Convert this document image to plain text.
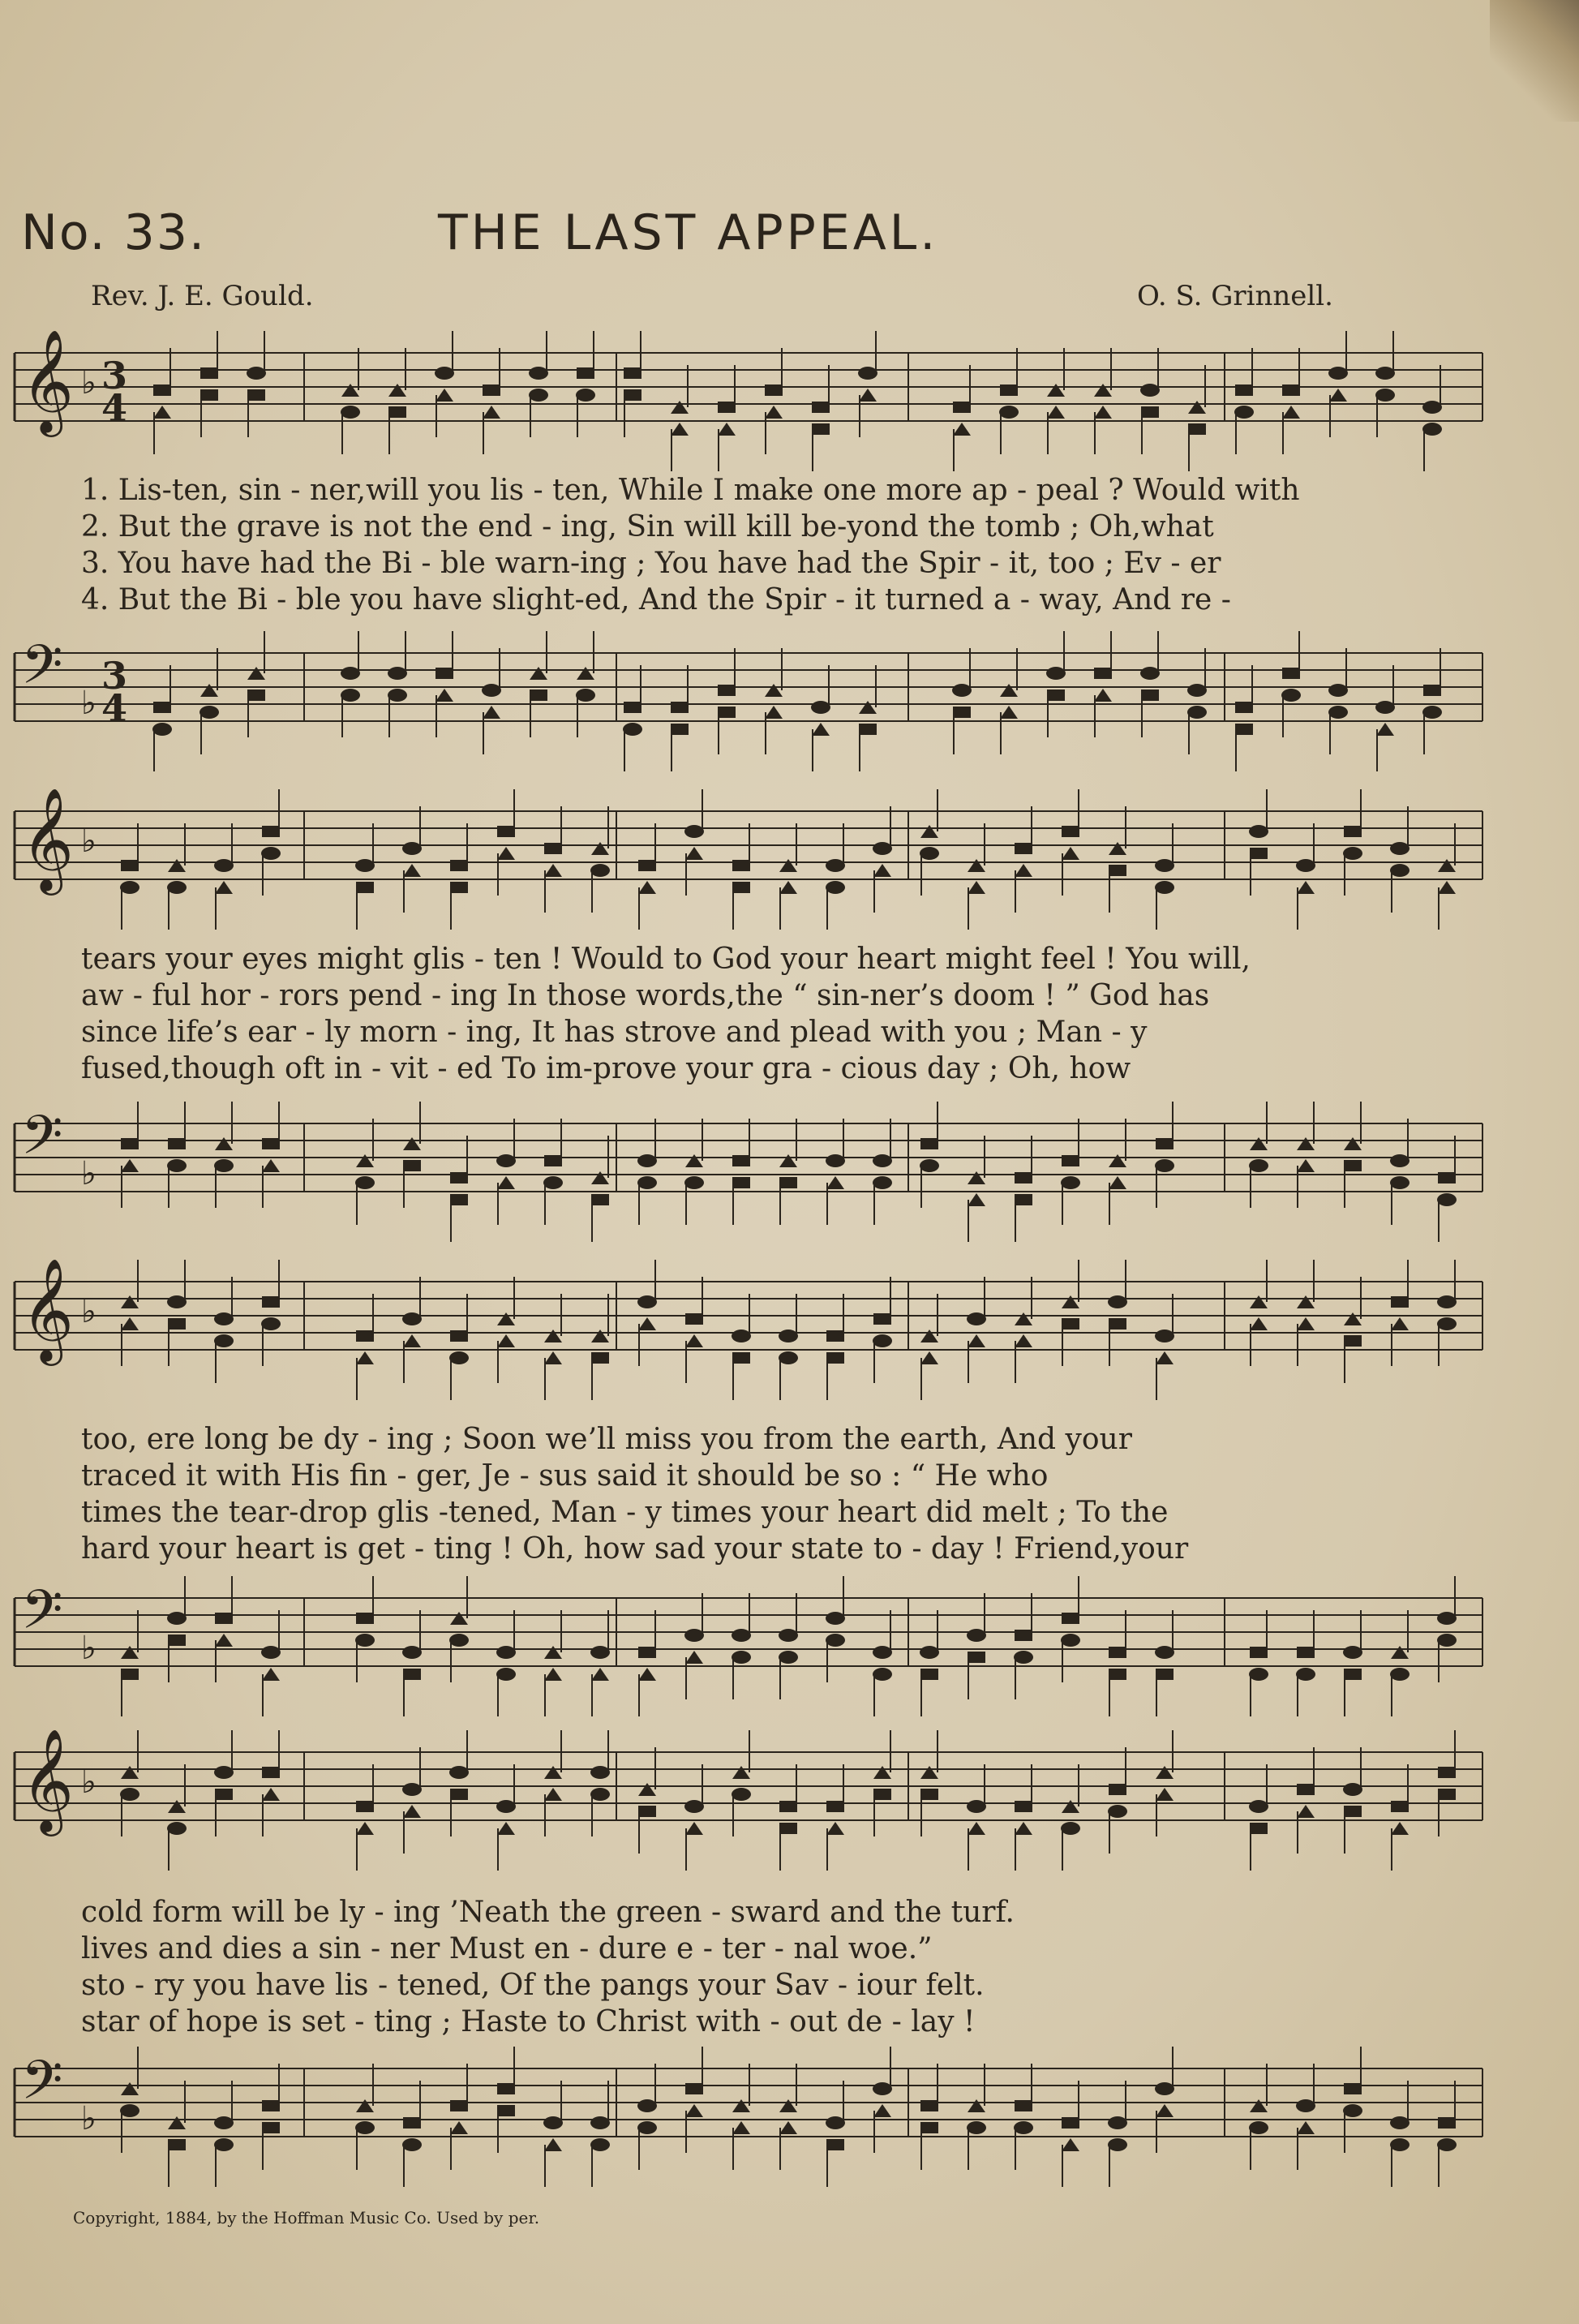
No. 33.	THE LAST APPEAL.
Rev. J. E. Gould.	O. S. Grinnell.
𝄞 ♭ 3
4
1. Lis-ten, sin - ner,will you lis - ten, While I make one more ap - peal ? Would with
2. But the grave is not the end - ing, Sin will kill be-yond the tomb ; Oh,what
3. You have had the Bi - ble warn-ing ; You have had the Spir - it, too ; Ev - er
4. But the Bi - ble you have slight-ed, And the Spir - it turned a - way, And re -
𝄢 ♭
3
4
𝄞 ♭
tears your eyes might glis - ten ! Would to God your heart might feel ! You will,
aw - ful hor - rors pend - ing In those words,the “ sin-ner’s doom ! ” God has
since life’s ear - ly morn - ing, It has strove and plead with you ; Man - y
fused,though oft in - vit - ed To im-prove your gra - cious day ; Oh, how
𝄢 ♭
𝄞 ♭
too, ere long be dy - ing ; Soon we’ll miss you from the earth, And your
traced it with His fin - ger, Je - sus said it should be so : “ He who
times the tear-drop glis -tened, Man - y times your heart did melt ; To the
hard your heart is get - ting ! Oh, how sad your state to - day ! Friend,your
𝄢 ♭
𝄞 ♭
cold form will be ly - ing ’Neath the green - sward and the turf.
lives and dies a sin - ner Must en - dure e - ter - nal woe.”
sto - ry you have lis - tened, Of the pangs your Sav - iour felt.
star of hope is set - ting ; Haste to Christ with - out de - lay !
𝄢 ♭
Copyright, 1884, by the Hoffman Music Co. Used by per.
